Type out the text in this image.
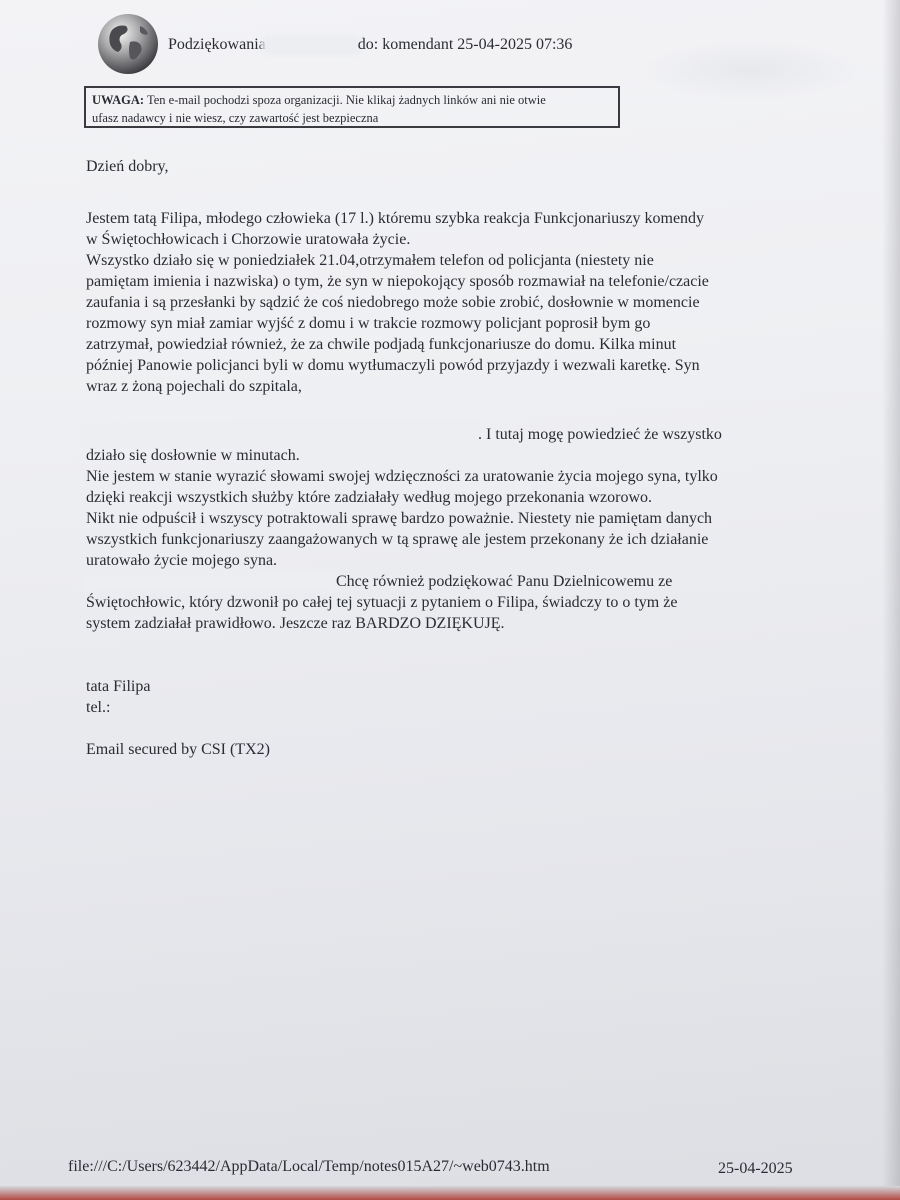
Podziękowania	do: komendant 25-04-2025 07:36
UWAGA: Ten e-mail pochodzi spoza organizacji. Nie klikaj żadnych linków ani nie otwie
ufasz nadawcy i nie wiesz, czy zawartość jest bezpieczna

Dzień dobry,

Jestem tatą Filipa, młodego człowieka (17 l.) któremu szybka reakcja Funkcjonariuszy komendy

w Świętochłowicach i Chorzowie uratowała życie.

Wszystko działo się w poniedziałek 21.04,otrzymałem telefon od policjanta (niestety nie

pamiętam imienia i nazwiska) o tym, że syn w niepokojący sposób rozmawiał na telefonie/czacie

zaufania i są przesłanki by sądzić że coś niedobrego może sobie zrobić, dosłownie w momencie

rozmowy syn miał zamiar wyjść z domu i w trakcie rozmowy policjant poprosił bym go

zatrzymał, powiedział również, że za chwile podjadą funkcjonariusze do domu. Kilka minut

później Panowie policjanci byli w domu wytłumaczyli powód przyjazdy i wezwali karetkę. Syn

wraz z żoną pojechali do szpitala,

. I tutaj mogę powiedzieć że wszystko

działo się dosłownie w minutach.

Nie jestem w stanie wyrazić słowami swojej wdzięczności za uratowanie życia mojego syna, tylko

dzięki reakcji wszystkich służby które zadziałały według mojego przekonania wzorowo.

Nikt nie odpuścił i wszyscy potraktowali sprawę bardzo poważnie. Niestety nie pamiętam danych

wszystkich funkcjonariuszy zaangażowanych w tą sprawę ale jestem przekonany że ich działanie

uratowało życie mojego syna.

Chcę również podziękować Panu Dzielnicowemu ze

Świętochłowic, który dzwonił po całej tej sytuacji z pytaniem o Filipa, świadczy to o tym że

system zadziałał prawidłowo. Jeszcze raz BARDZO DZIĘKUJĘ.

tata Filipa

tel.:

Email secured by CSI (TX2)

file:///C:/Users/623442/AppData/Local/Temp/notes015A27/~web0743.htm	25-04-2025
